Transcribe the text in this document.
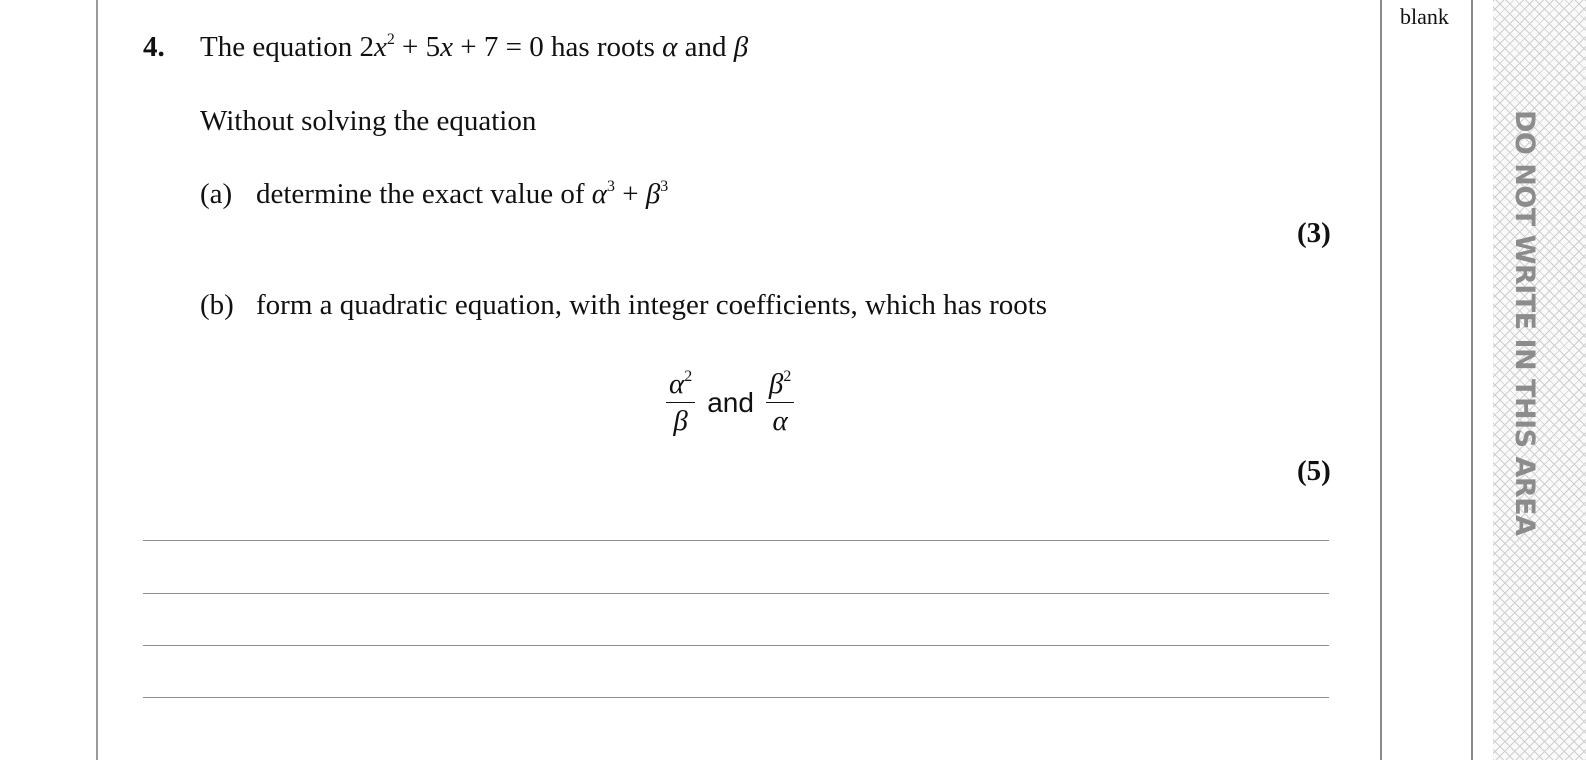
blank
DO NOT WRITE IN THIS AREA
4. The equation $2x^2 + 5x + 7 = 0$ has roots α and β
Without solving the equation
(a) determine the exact value of $\alpha^3 + \beta^3$
(3)
(b) form a quadratic equation, with integer coefficients, which has roots
$\frac{\alpha^2}{\beta}$ and $\frac{\beta^2}{\alpha}$
(5)
